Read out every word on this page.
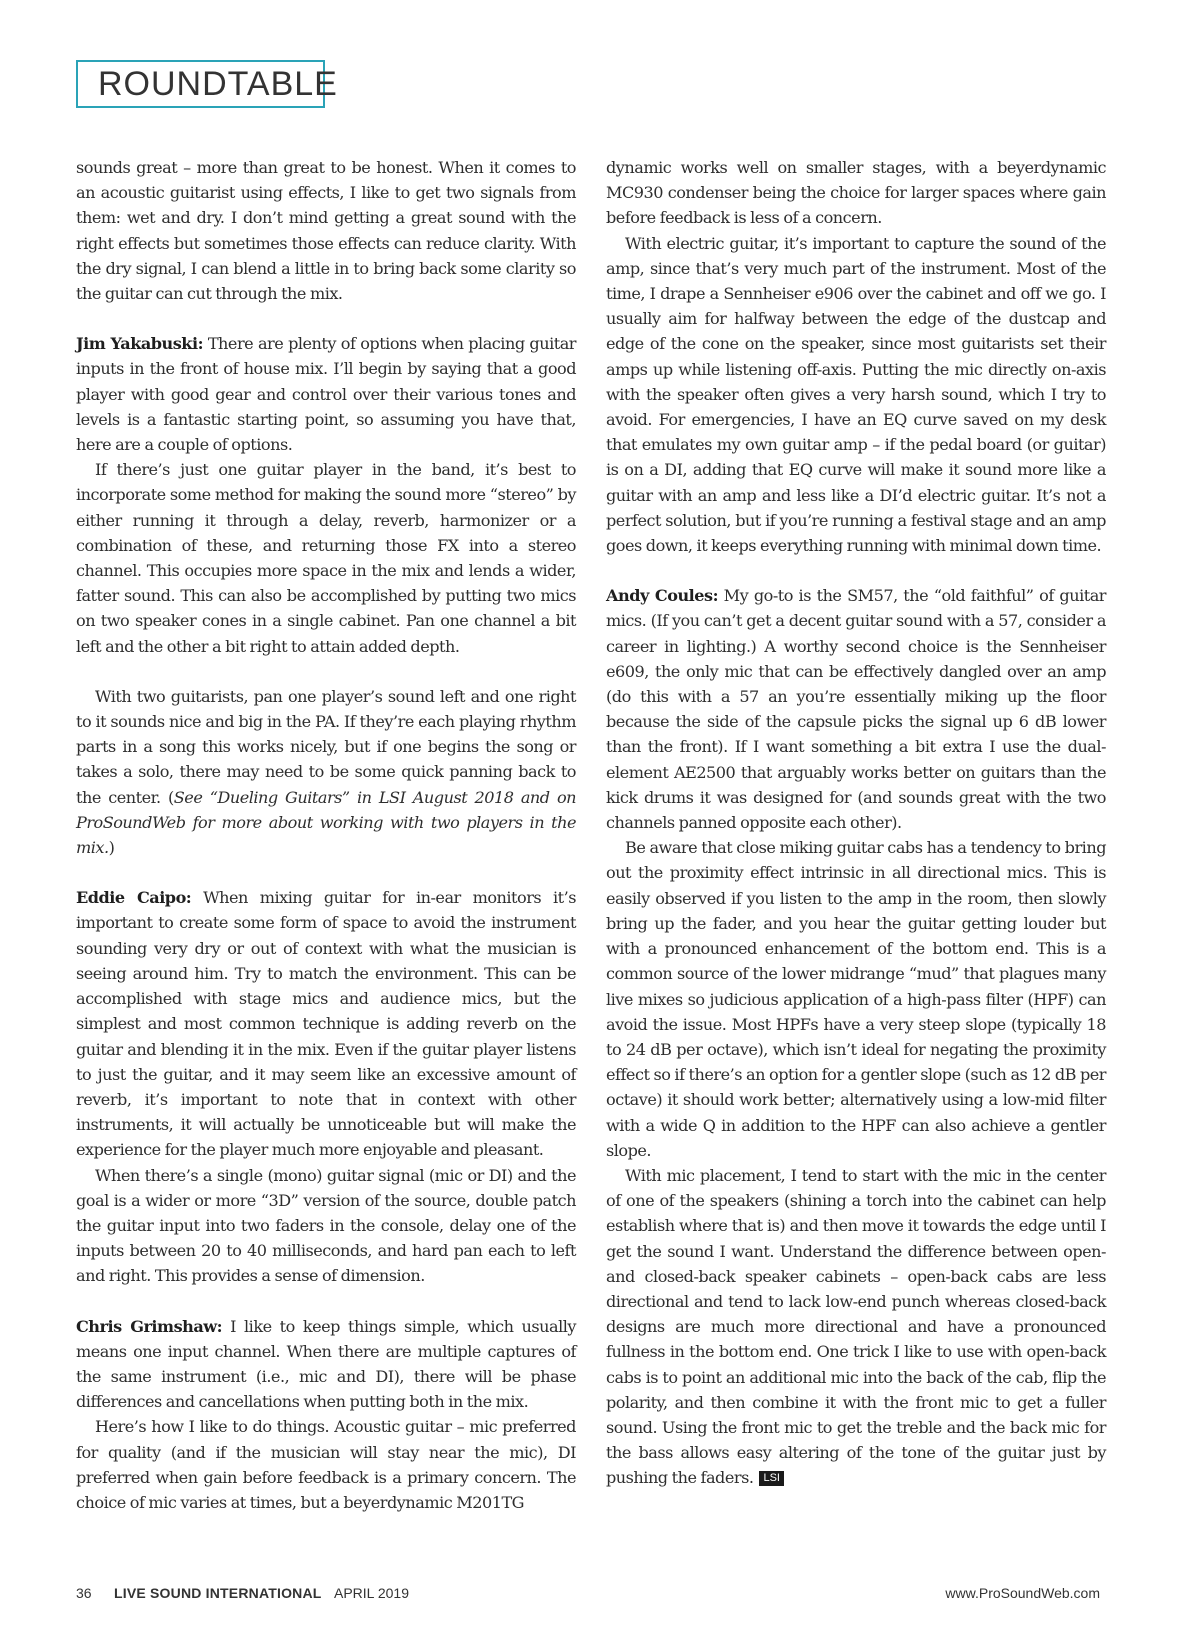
ROUNDTABLE

sounds great – more than great to be honest. When it comes to an acoustic guitarist using effects, I like to get two signals from them: wet and dry. I don’t mind getting a great sound with the right effects but sometimes those effects can reduce clarity. With the dry signal, I can blend a little in to bring back some clarity so the guitar can cut through the mix.

Jim Yakabuski: There are plenty of options when placing guitar inputs in the front of house mix. I’ll begin by saying that a good player with good gear and control over their various tones and levels is a fantastic starting point, so assuming you have that, here are a couple of options.

If there’s just one guitar player in the band, it’s best to incorporate some method for making the sound more “stereo” by either running it through a delay, reverb, harmonizer or a combination of these, and returning those FX into a stereo channel. This occupies more space in the mix and lends a wider, fatter sound. This can also be accomplished by putting two mics on two speaker cones in a single cabinet. Pan one channel a bit left and the other a bit right to attain added depth.

With two guitarists, pan one player’s sound left and one right to it sounds nice and big in the PA. If they’re each playing rhythm parts in a song this works nicely, but if one begins the song or takes a solo, there may need to be some quick panning back to the center. (See “Dueling Guitars” in LSI August 2018 and on ProSoundWeb for more about working with two players in the mix.)

Eddie Caipo: When mixing guitar for in-ear monitors it’s important to create some form of space to avoid the instrument sounding very dry or out of context with what the musician is seeing around him. Try to match the environment. This can be accomplished with stage mics and audience mics, but the simplest and most common technique is adding reverb on the guitar and blending it in the mix. Even if the guitar player listens to just the guitar, and it may seem like an excessive amount of reverb, it’s important to note that in context with other instruments, it will actually be unnoticeable but will make the experience for the player much more enjoyable and pleasant.

When there’s a single (mono) guitar signal (mic or DI) and the goal is a wider or more “3D” version of the source, double patch the guitar input into two faders in the console, delay one of the inputs between 20 to 40 milliseconds, and hard pan each to left and right. This provides a sense of dimension.

Chris Grimshaw: I like to keep things simple, which usually means one input channel. When there are multiple captures of the same instrument (i.e., mic and DI), there will be phase differences and cancellations when putting both in the mix.

Here’s how I like to do things. Acoustic guitar – mic preferred for quality (and if the musician will stay near the mic), DI preferred when gain before feedback is a primary concern. The choice of mic varies at times, but a beyerdynamic M201TG

dynamic works well on smaller stages, with a beyerdynamic MC930 condenser being the choice for larger spaces where gain before feedback is less of a concern.

With electric guitar, it’s important to capture the sound of the amp, since that’s very much part of the instrument. Most of the time, I drape a Sennheiser e906 over the cabinet and off we go. I usually aim for halfway between the edge of the dustcap and edge of the cone on the speaker, since most guitarists set their amps up while listening off-axis. Putting the mic directly on-axis with the speaker often gives a very harsh sound, which I try to avoid. For emergencies, I have an EQ curve saved on my desk that emulates my own guitar amp – if the pedal board (or guitar) is on a DI, adding that EQ curve will make it sound more like a guitar with an amp and less like a DI’d electric guitar. It’s not a perfect solution, but if you’re running a festival stage and an amp goes down, it keeps everything running with minimal down time.

Andy Coules: My go-to is the SM57, the “old faithful” of guitar mics. (If you can’t get a decent guitar sound with a 57, consider a career in lighting.) A worthy second choice is the Sennheiser e609, the only mic that can be effectively dangled over an amp (do this with a 57 an you’re essentially miking up the floor because the side of the capsule picks the signal up 6 dB lower than the front). If I want something a bit extra I use the dual-element AE2500 that arguably works better on guitars than the kick drums it was designed for (and sounds great with the two channels panned opposite each other).

Be aware that close miking guitar cabs has a tendency to bring out the proximity effect intrinsic in all directional mics. This is easily observed if you listen to the amp in the room, then slowly bring up the fader, and you hear the guitar getting louder but with a pronounced enhancement of the bottom end. This is a common source of the lower midrange “mud” that plagues many live mixes so judicious application of a high-pass filter (HPF) can avoid the issue. Most HPFs have a very steep slope (typically 18 to 24 dB per octave), which isn’t ideal for negating the proximity effect so if there’s an option for a gentler slope (such as 12 dB per octave) it should work better; alternatively using a low-mid filter with a wide Q in addition to the HPF can also achieve a gentler slope.

With mic placement, I tend to start with the mic in the center of one of the speakers (shining a torch into the cabinet can help establish where that is) and then move it towards the edge until I get the sound I want. Understand the difference between open- and closed-back speaker cabinets – open-back cabs are less directional and tend to lack low-end punch whereas closed-back designs are much more directional and have a pronounced fullness in the bottom end. One trick I like to use with open-back cabs is to point an additional mic into the back of the cab, flip the polarity, and then combine it with the front mic to get a fuller sound. Using the front mic to get the treble and the back mic for the bass allows easy altering of the tone of the guitar just by pushing the faders. LSI

36 LIVE SOUND INTERNATIONAL APRIL 2019	www.ProSoundWeb.com
